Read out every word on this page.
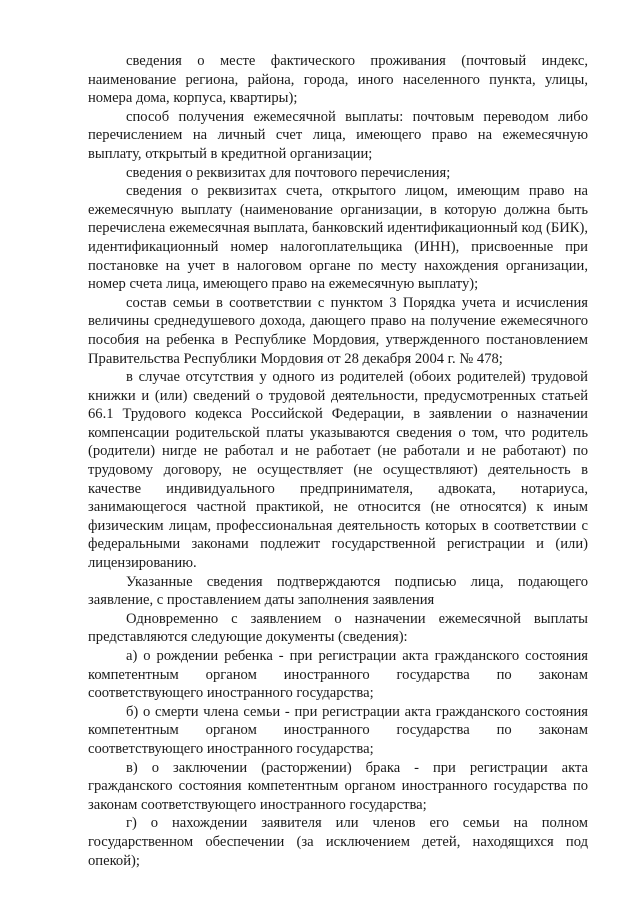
сведения о месте фактического проживания (почтовый индекс, наименование региона, района, города, иного населенного пункта, улицы, номера дома, корпуса, квартиры);

способ получения ежемесячной выплаты: почтовым переводом либо перечислением на личный счет лица, имеющего право на ежемесячную выплату, открытый в кредитной организации;

сведения о реквизитах для почтового перечисления;

сведения о реквизитах счета, открытого лицом, имеющим право на ежемесячную выплату (наименование организации, в которую должна быть перечислена ежемесячная выплата, банковский идентификационный код (БИК), идентификационный номер налогоплательщика (ИНН), присвоенные при постановке на учет в налоговом органе по месту нахождения организации, номер счета лица, имеющего право на ежемесячную выплату);

состав семьи в соответствии с пунктом 3 Порядка учета и исчисления величины среднедушевого дохода, дающего право на получение ежемесячного пособия на ребенка в Республике Мордовия, утвержденного постановлением Правительства Республики Мордовия от 28 декабря 2004 г. № 478;

в случае отсутствия у одного из родителей (обоих родителей) трудовой книжки и (или) сведений о трудовой деятельности, предусмотренных статьей 66.1 Трудового кодекса Российской Федерации, в заявлении о назначении компенсации родительской платы указываются сведения о том, что родитель (родители) нигде не работал и не работает (не работали и не работают) по трудовому договору, не осуществляет (не осуществляют) деятельность в качестве индивидуального предпринимателя, адвоката, нотариуса, занимающегося частной практикой, не относится (не относятся) к иным физическим лицам, профессиональная деятельность которых в соответствии с федеральными законами подлежит государственной регистрации и (или) лицензированию.

Указанные сведения подтверждаются подписью лица, подающего заявление, с проставлением даты заполнения заявления

Одновременно с заявлением о назначении ежемесячной выплаты представляются следующие документы (сведения):

а) о рождении ребенка - при регистрации акта гражданского состояния компетентным органом иностранного государства по законам соответствующего иностранного государства;

б) о смерти члена семьи - при регистрации акта гражданского состояния компетентным органом иностранного государства по законам соответствующего иностранного государства;

в) о заключении (расторжении) брака - при регистрации акта гражданского состояния компетентным органом иностранного государства по законам соответствующего иностранного государства;

г) о нахождении заявителя или членов его семьи на полном государственном обеспечении (за исключением детей, находящихся под опекой);
